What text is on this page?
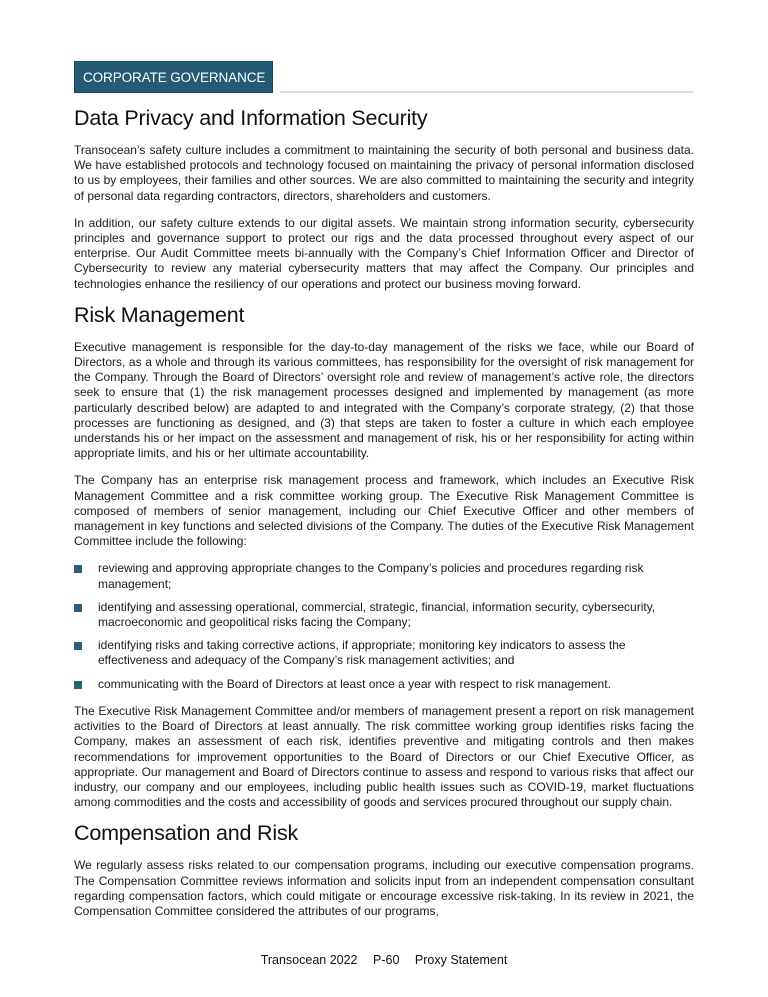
CORPORATE GOVERNANCE
Data Privacy and Information Security

Transocean’s safety culture includes a commitment to maintaining the security of both personal and business data. We have established protocols and technology focused on maintaining the privacy of personal information disclosed to us by employees, their families and other sources. We are also committed to maintaining the security and integrity of personal data regarding contractors, directors, shareholders and customers.

In addition, our safety culture extends to our digital assets. We maintain strong information security, cybersecurity principles and governance support to protect our rigs and the data processed throughout every aspect of our enterprise. Our Audit Committee meets bi-annually with the Company’s Chief Information Officer and Director of Cybersecurity to review any material cybersecurity matters that may affect the Company. Our principles and technologies enhance the resiliency of our operations and protect our business moving forward.

Risk Management

Executive management is responsible for the day-to-day management of the risks we face, while our Board of Directors, as a whole and through its various committees, has responsibility for the oversight of risk management for the Company. Through the Board of Directors’ oversight role and review of management’s active role, the directors seek to ensure that (1) the risk management processes designed and implemented by management (as more particularly described below) are adapted to and integrated with the Company’s corporate strategy, (2) that those processes are functioning as designed, and (3) that steps are taken to foster a culture in which each employee understands his or her impact on the assessment and management of risk, his or her responsibility for acting within appropriate limits, and his or her ultimate accountability.

The Company has an enterprise risk management process and framework, which includes an Executive Risk Management Committee and a risk committee working group. The Executive Risk Management Committee is composed of members of senior management, including our Chief Executive Officer and other members of management in key functions and selected divisions of the Company. The duties of the Executive Risk Management Committee include the following:

reviewing and approving appropriate changes to the Company’s policies and procedures regarding risk management;
identifying and assessing operational, commercial, strategic, financial, information security, cybersecurity, macroeconomic and geopolitical risks facing the Company;
identifying risks and taking corrective actions, if appropriate; monitoring key indicators to assess the effectiveness and adequacy of the Company’s risk management activities; and
communicating with the Board of Directors at least once a year with respect to risk management.

The Executive Risk Management Committee and/or members of management present a report on risk management activities to the Board of Directors at least annually. The risk committee working group identifies risks facing the Company, makes an assessment of each risk, identifies preventive and mitigating controls and then makes recommendations for improvement opportunities to the Board of Directors or our Chief Executive Officer, as appropriate. Our management and Board of Directors continue to assess and respond to various risks that affect our industry, our company and our employees, including public health issues such as COVID-19, market fluctuations among commodities and the costs and accessibility of goods and services procured throughout our supply chain.

Compensation and Risk

We regularly assess risks related to our compensation programs, including our executive compensation programs. The Compensation Committee reviews information and solicits input from an independent compensation consultant regarding compensation factors, which could mitigate or encourage excessive risk-taking. In its review in 2021, the Compensation Committee considered the attributes of our programs,

Transocean 2022 P-60 Proxy Statement
